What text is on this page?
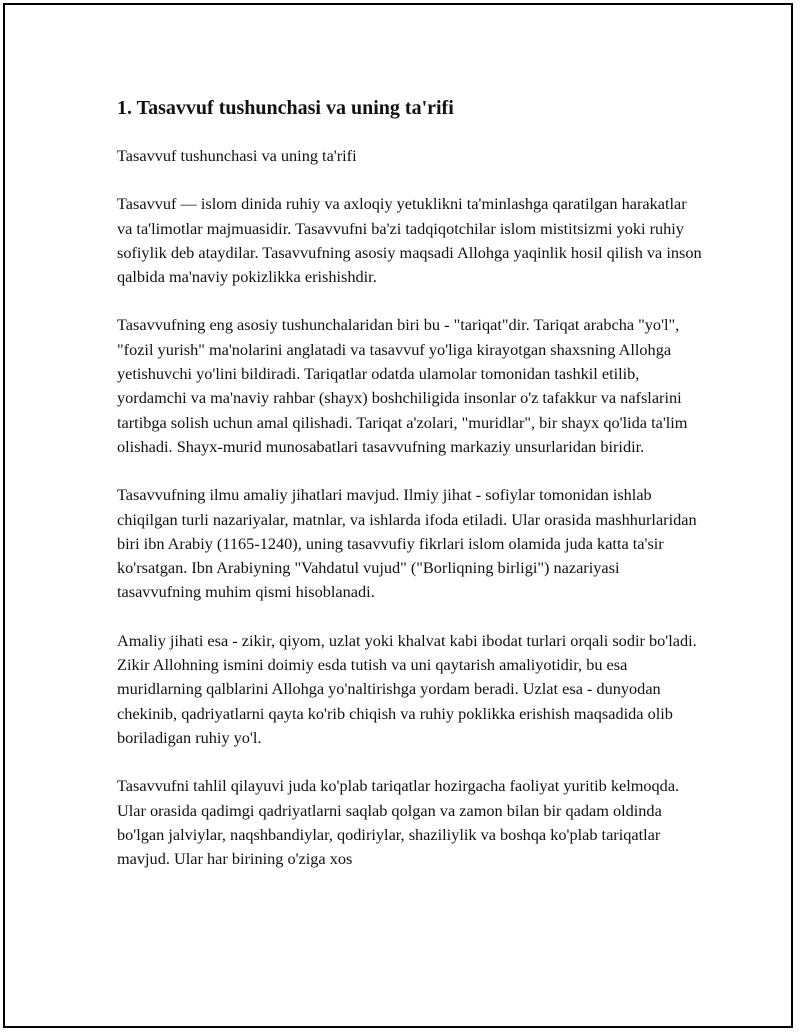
1. Tasavvuf tushunchasi va uning ta'rifi

Tasavvuf tushunchasi va uning ta'rifi

Tasavvuf — islom dinida ruhiy va axloqiy yetuklikni ta'minlashga qaratilgan harakatlar va ta'limotlar majmuasidir. Tasavvufni ba'zi tadqiqotchilar islom mistitsizmi yoki ruhiy sofiylik deb ataydilar. Tasavvufning asosiy maqsadi Allohga yaqinlik hosil qilish va inson qalbida ma'naviy pokizlikka erishishdir.

Tasavvufning eng asosiy tushunchalaridan biri bu - "tariqat"dir. Tariqat arabcha "yo'l", "fozil yurish" ma'nolarini anglatadi va tasavvuf yo'liga kirayotgan shaxsning Allohga yetishuvchi yo'lini bildiradi. Tariqatlar odatda ulamolar tomonidan tashkil etilib, yordamchi va ma'naviy rahbar (shayx) boshchiligida insonlar o'z tafakkur va nafslarini tartibga solish uchun amal qilishadi. Tariqat a'zolari, "muridlar", bir shayx qo'lida ta'lim olishadi. Shayx-murid munosabatlari tasavvufning markaziy unsurlaridan biridir.

Tasavvufning ilmu amaliy jihatlari mavjud. Ilmiy jihat - sofiylar tomonidan ishlab chiqilgan turli nazariyalar, matnlar, va ishlarda ifoda etiladi. Ular orasida mashhurlaridan biri ibn Arabiy (1165-1240), uning tasavvufiy fikrlari islom olamida juda katta ta'sir ko'rsatgan. Ibn Arabiyning "Vahdatul vujud" ("Borliqning birligi") nazariyasi tasavvufning muhim qismi hisoblanadi.

Amaliy jihati esa - zikir, qiyom, uzlat yoki khalvat kabi ibodat turlari orqali sodir bo'ladi. Zikir Allohning ismini doimiy esda tutish va uni qaytarish amaliyotidir, bu esa muridlarning qalblarini Allohga yo'naltirishga yordam beradi. Uzlat esa - dunyodan chekinib, qadriyatlarni qayta ko'rib chiqish va ruhiy poklikka erishish maqsadida olib boriladigan ruhiy yo'l.

Tasavvufni tahlil qilayuvi juda ko'plab tariqatlar hozirgacha faoliyat yuritib kelmoqda. Ular orasida qadimgi qadriyatlarni saqlab qolgan va zamon bilan bir qadam oldinda bo'lgan jalviylar, naqshbandiylar, qodiriylar, shaziliylik va boshqa ko'plab tariqatlar mavjud. Ular har birining o'ziga xos
